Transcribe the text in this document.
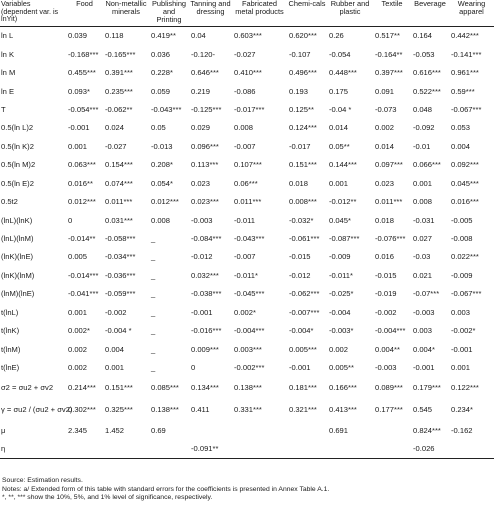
Variables (dependent var. is lnYit)	Food	Non-metallic minerals	Publishing and Printing	Tanning and dressing	Fabricated metal products	Chemi-cals	Rubber and plastic	Textile	Beverage	Wearing apparel
ln L	0.039	0.118	0.419**	0.04	0.603***	0.620***	0.26	0.517**	0.164	0.442***
ln K	-0.168***	-0.165***	0.036	-0.120-	-0.027	-0.107	-0.054	-0.164**	-0.053	-0.141***
ln M	0.455***	0.391***	0.228*	0.646***	0.410***	0.496***	0.448***	0.397***	0.616***	0.961***
ln E	0.093*	0.235***	0.059	0.219	-0.086	0.193	0.175	0.091	0.522***	0.59***
T	-0.054***	-0.062**	-0.043***	-0.125***	-0.017***	0.125**	-0.04 *	-0.073	0.048	-0.067***
0.5(ln L)2	-0.001	0.024	0.05	0.029	0.008	0.124***	0.014	0.002	-0.092	0.053
0.5(ln K)2	0.001	-0.027	-0.013	0.096***	-0.007	-0.017	0.05**	0.014	-0.01	0.004
0.5(ln M)2	0.063***	0.154***	0.208*	0.113***	0.107***	0.151***	0.144***	0.097***	0.066***	0.092***
0.5(ln E)2	0.016**	0.074***	0.054*	0.023	0.06***	0.018	0.001	0.023	0.001	0.045***
0.5t2	0.012***	0.011***	0.012***	0.023***	0.011***	0.008***	-0.012**	0.011***	0.008	0.016***
(lnL)(lnK)	0	0.031***	0.008	-0.003	-0.011	-0.032*	0.045*	0.018	-0.031	-0.005
(lnL)(lnM)	-0.014**	-0.058***	_	-0.084***	-0.043***	-0.061***	-0.087***	-0.076***	0.027	-0.008
(lnK)(lnE)	0.005	-0.034***	_	-0.012	-0.007	-0.015	-0.009	0.016	-0.03	0.022***
(lnK)(lnM)	-0.014***	-0.036***	_	0.032***	-0.011*	-0.012	-0.011*	-0.015	0.021	-0.009
(lnM)(lnE)	-0.041***	-0.059***	_	-0.038***	-0.045***	-0.062***	-0.025*	-0.019	-0.07***	-0.067***
t(lnL)	0.001	-0.002	_	-0.001	0.002*	-0.007***	-0.004	-0.002	-0.003	0.003
t(lnK)	0.002*	-0.004 *	_	-0.016***	-0.004***	-0.004*	-0.003*	-0.004***	0.003	-0.002*
t(lnM)	0.002	0.004	_	0.009***	0.003***	0.005***	0.002	0.004**	0.004*	-0.001
t(lnE)	0.002	0.001	_	0	-0.002***	-0.001	0.005**	-0.003	-0.001	0.001
σ2 = σu2 + σv2	0.214***	0.151***	0.085***	0.134***	0.138***	0.181***	0.166***	0.089***	0.179***	0.122***
γ = σu2 / (σu2 + σv2)	0.302***	0.325***	0.138***	0.411	0.331***	0.321***	0.413***	0.177***	0.545	0.234*
μ	2.345	1.452	0.69				0.691		0.824***	-0.162
η				-0.091**					-0.026	
Source: Estimation results.
Notes: a/ Extended form of this table with standard errors for the coefficients is presented in Annex Table A.1.
*, **, *** show the 10%, 5%, and 1% level of significance, respectively.
